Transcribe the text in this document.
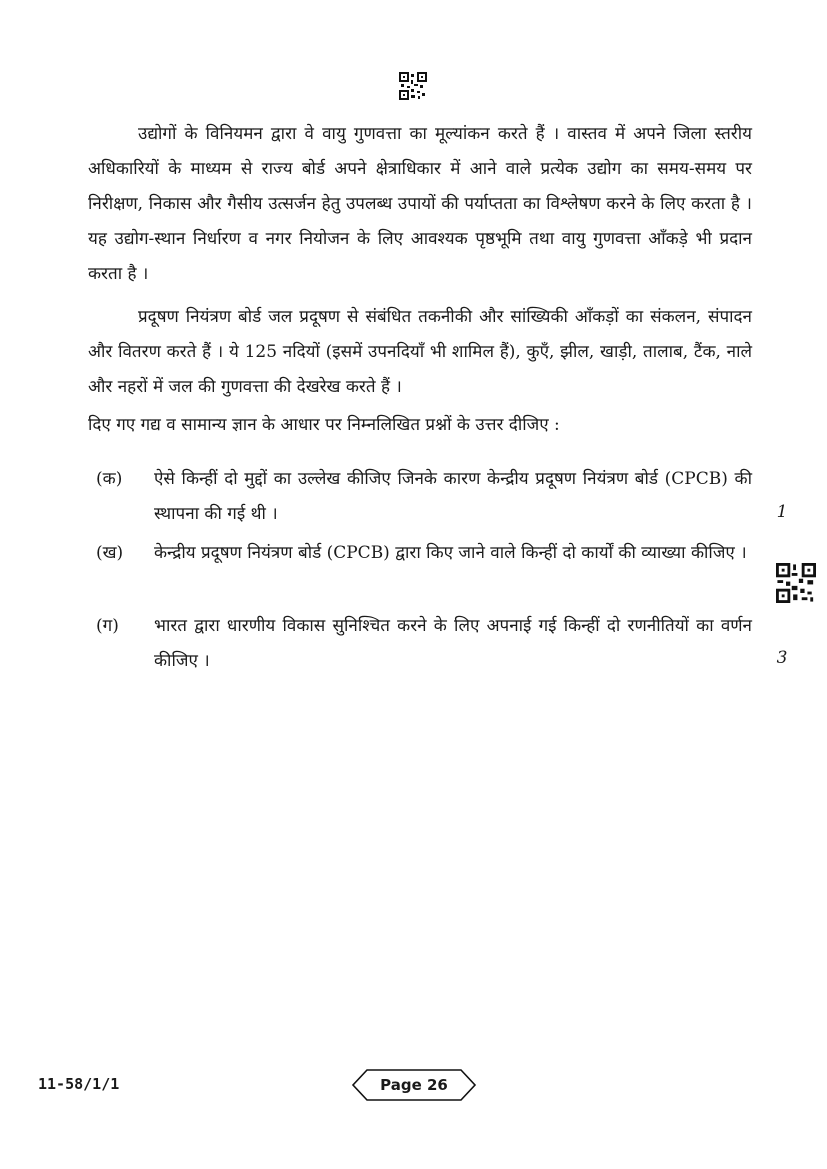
उद्योगों के विनियमन द्वारा वे वायु गुणवत्ता का मूल्यांकन करते हैं । वास्तव में अपने जिला स्तरीय अधिकारियों के माध्यम से राज्य बोर्ड अपने क्षेत्राधिकार में आने वाले प्रत्येक उद्योग का समय-समय पर निरीक्षण, निकास और गैसीय उत्सर्जन हेतु उपलब्ध उपायों की पर्याप्तता का विश्लेषण करने के लिए करता है । यह उद्योग-स्थान निर्धारण व नगर नियोजन के लिए आवश्यक पृष्ठभूमि तथा वायु गुणवत्ता आँकड़े भी प्रदान करता है ।

प्रदूषण नियंत्रण बोर्ड जल प्रदूषण से संबंधित तकनीकी और सांख्यिकी आँकड़ों का संकलन, संपादन और वितरण करते हैं । ये 125 नदियों (इसमें उपनदियाँ भी शामिल हैं), कुएँ, झील, खाड़ी, तालाब, टैंक, नाले और नहरों में जल की गुणवत्ता की देखरेख करते हैं ।

दिए गए गद्य व सामान्य ज्ञान के आधार पर निम्नलिखित प्रश्नों के उत्तर दीजिए :

(क) ऐसे किन्हीं दो मुद्दों का उल्लेख कीजिए जिनके कारण केन्द्रीय प्रदूषण नियंत्रण बोर्ड (CPCB) की स्थापना की गई थी ।

(ख) केन्द्रीय प्रदूषण नियंत्रण बोर्ड (CPCB) द्वारा किए जाने वाले किन्हीं दो कार्यों की व्याख्या कीजिए ।

(ग) भारत द्वारा धारणीय विकास सुनिश्चित करने के लिए अपनाई गई किन्हीं दो रणनीतियों का वर्णन कीजिए ।

1
3
11-58/1/1	Page 26
